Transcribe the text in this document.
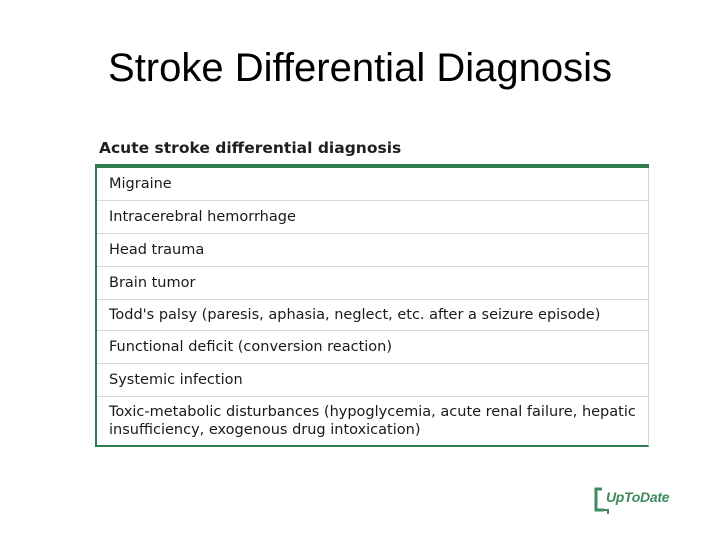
Stroke Differential Diagnosis
Acute stroke differential diagnosis
Migraine
Intracerebral hemorrhage
Head trauma
Brain tumor
Todd's palsy (paresis, aphasia, neglect, etc. after a seizure episode)
Functional deficit (conversion reaction)
Systemic infection
Toxic-metabolic disturbances (hypoglycemia, acute renal failure, hepatic insufficiency, exogenous drug intoxication)
UpToDate
